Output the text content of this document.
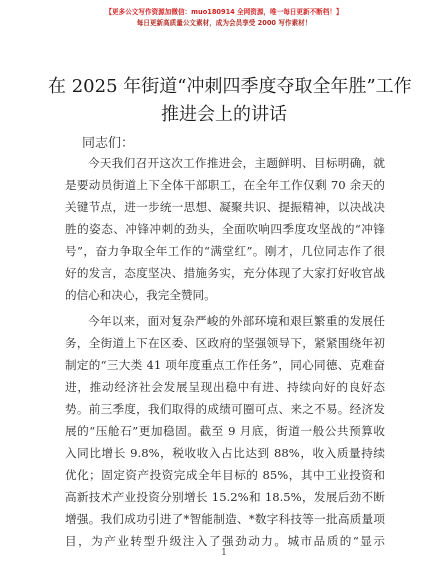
【更多公文写作资源加微信：muo180914 全网资源，唯一每日更新不断档！】
每日更新高质量公文素材，成为会员享受 2000 写作素材！
在 2025 年街道“冲刺四季度夺取全年胜”工作
推进会上的讲话
同志们：
今天我们召开这次工作推进会，主题鲜明、目标明确，就
是要动员街道上下全体干部职工，在全年工作仅剩 70 余天的
关键节点，进一步统一思想、凝聚共识、提振精神，以决战决
胜的姿态、冲锋冲刺的劲头，全面吹响四季度攻坚战的“冲锋
号”，奋力争取全年工作的“满堂红”。刚才，几位同志作了很
好的发言，态度坚决、措施务实，充分体现了大家打好收官战
的信心和决心，我完全赞同。
今年以来，面对复杂严峻的外部环境和艰巨繁重的发展任
务，全街道上下在区委、区政府的坚强领导下，紧紧围绕年初
制定的“三大类 41 项年度重点工作任务”，同心同德、克难奋
进，推动经济社会发展呈现出稳中有进、持续向好的良好态
势。前三季度，我们取得的成绩可圈可点、来之不易。经济发
展的“压舱石”更加稳固。截至 9 月底，街道一般公共预算收
入同比增长 9.8%，税收收入占比达到 88%，收入质量持续
优化；固定资产投资完成全年目标的 85%，其中工业投资和
高新技术产业投资分别增长 15.2%和 18.5%，发展后劲不断
增强。我们成功引进了*智能制造、*数字科技等一批高质量项
目，为产业转型升级注入了强劲动力。城市品质的“显示
1
